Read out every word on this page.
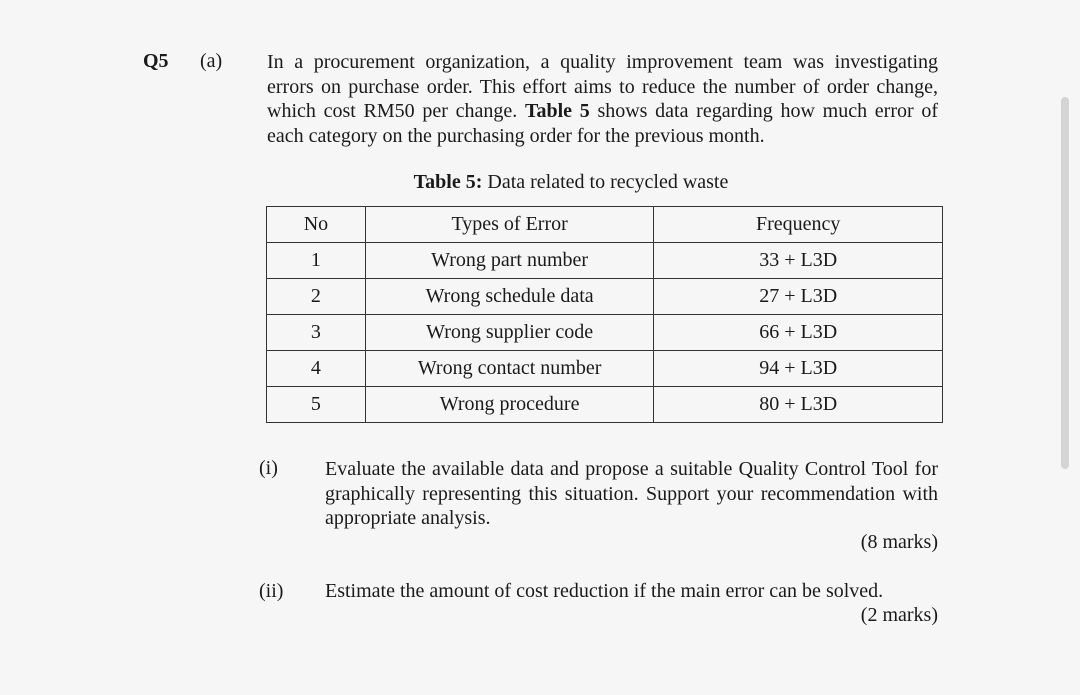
Q5 (a) In a procurement organization, a quality improvement team was investigating errors on purchase order. This effort aims to reduce the number of order change, which cost RM50 per change. Table 5 shows data regarding how much error of each category on the purchasing order for the previous month.
Table 5: Data related to recycled waste
No	Types of Error	Frequency
1	Wrong part number	33 + L3D
2	Wrong schedule data	27 + L3D
3	Wrong supplier code	66 + L3D
4	Wrong contact number	94 + L3D
5	Wrong procedure	80 + L3D
(i) Evaluate the available data and propose a suitable Quality Control Tool for graphically representing this situation. Support your recommendation with appropriate analysis.
(8 marks)
(ii) Estimate the amount of cost reduction if the main error can be solved.
(2 marks)
